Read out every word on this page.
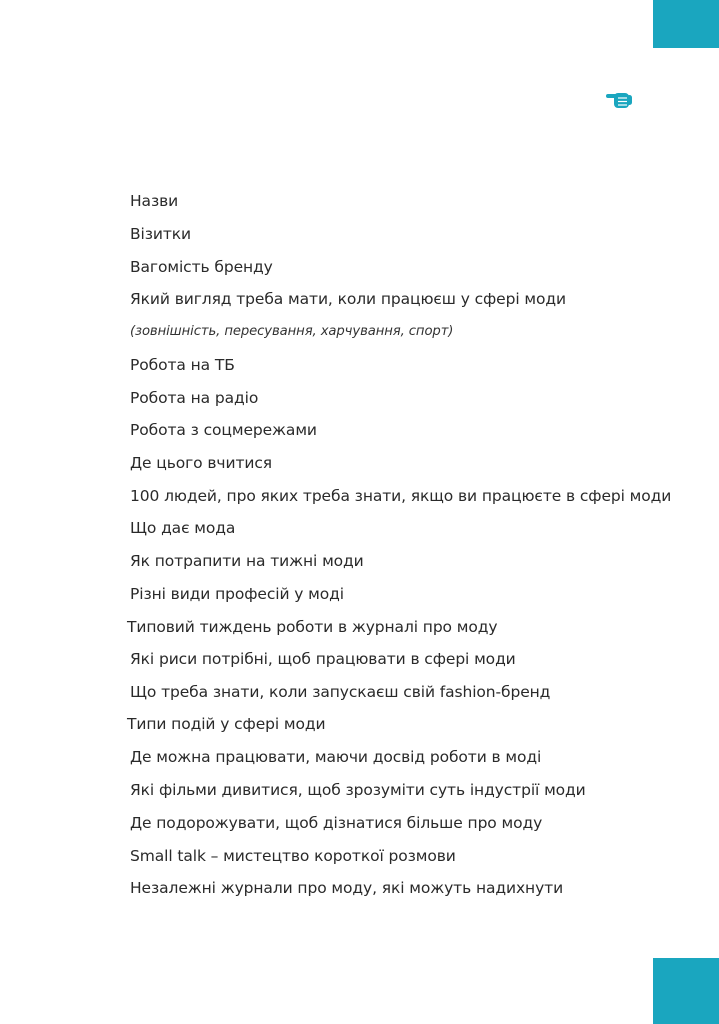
Назви
Візитки
Вагомість бренду
Який вигляд треба мати, коли працюєш у сфері моди
(зовнішність, пересування, харчування, спорт)
Робота на ТБ
Робота на радіо
Робота з соцмережами
Де цього вчитися
100 людей, про яких треба знати, якщо ви працюєте в сфері моди
Що дає мода
Як потрапити на тижні моди
Різні види професій у моді
Типовий тиждень роботи в журналі про моду
Які риси потрібні, щоб працювати в сфері моди
Що треба знати, коли запускаєш свій fashion-бренд
Типи подій у сфері моди
Де можна працювати, маючи досвід роботи в моді
Які фільми дивитися, щоб зрозуміти суть індустрії моди
Де подорожувати, щоб дізнатися більше про моду
Small talk – мистецтво короткої розмови
Незалежні журнали про моду, які можуть надихнути
